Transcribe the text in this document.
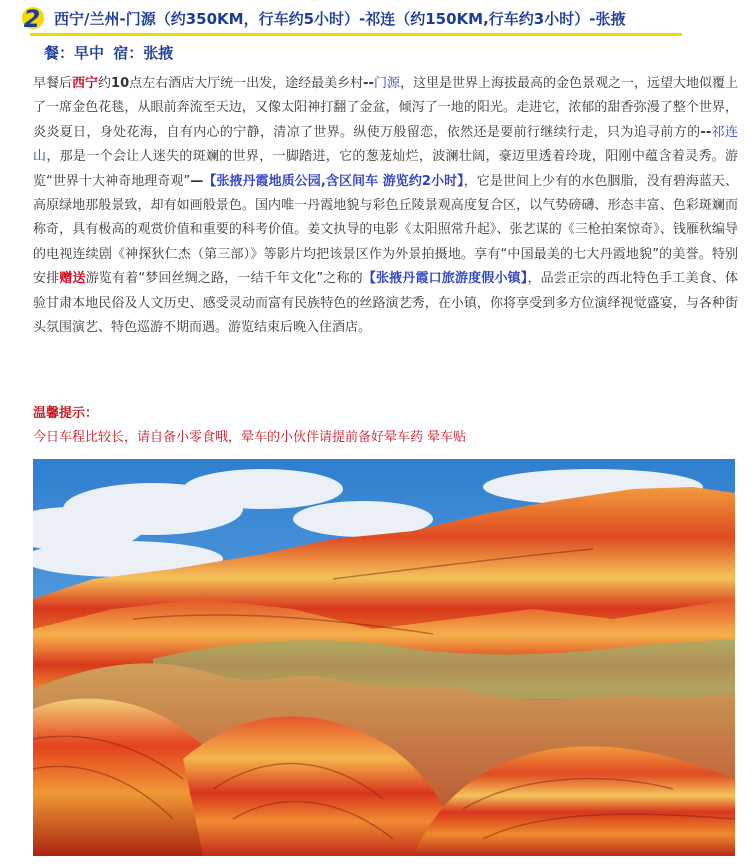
2 西宁/兰州-门源（约350KM，行车约5小时）-祁连（约150KM,行车约3小时）-张掖
餐：早中 宿：张掖

早餐后西宁约10点左右酒店大厅统一出发，途经最美乡村--门源，这里是世界上海拔最高的金色景观之一，远望大地似覆上了一席金色花毯，从眼前奔流至天边，又像太阳神打翻了金盆，倾泻了一地的阳光。走进它，浓郁的甜香弥漫了整个世界，炎炎夏日，身处花海，自有内心的宁静，清凉了世界。纵使万般留恋，依然还是要前行继续行走，只为追寻前方的--祁连山，那是一个会让人迷失的斑斓的世界，一脚踏进，它的葱茏灿烂，波澜壮阔，豪迈里透着玲珑，阳刚中蕴含着灵秀。游览“世界十大神奇地理奇观”—【张掖丹霞地质公园,含区间车 游览约2小时】，它是世间上少有的水色胭脂，没有碧海蓝天、高原绿地那般景致，却有如画般景色。国内唯一丹霞地貌与彩色丘陵景观高度复合区，以气势磅礴、形态丰富、色彩斑斓而称奇，具有极高的观赏价值和重要的科考价值。姜文执导的电影《太阳照常升起》、张艺谋的《三枪拍案惊奇》、钱雁秋编导的电视连续剧《神探狄仁杰（第三部）》等影片均把该景区作为外景拍摄地。享有“中国最美的七大丹霞地貌”的美誉。特别安排赠送游览有着“梦回丝绸之路，一结千年文化”之称的【张掖丹霞口旅游度假小镇】，品尝正宗的西北特色手工美食、体验甘肃本地民俗及人文历史、感受灵动而富有民族特色的丝路演艺秀，在小镇，你将享受到多方位演绎视觉盛宴，与各种街头氛围演艺、特色巡游不期而遇。游览结束后晚入住酒店。

温馨提示：
今日车程比较长，请自备小零食哦，晕车的小伙伴请提前备好晕车药 晕车贴
